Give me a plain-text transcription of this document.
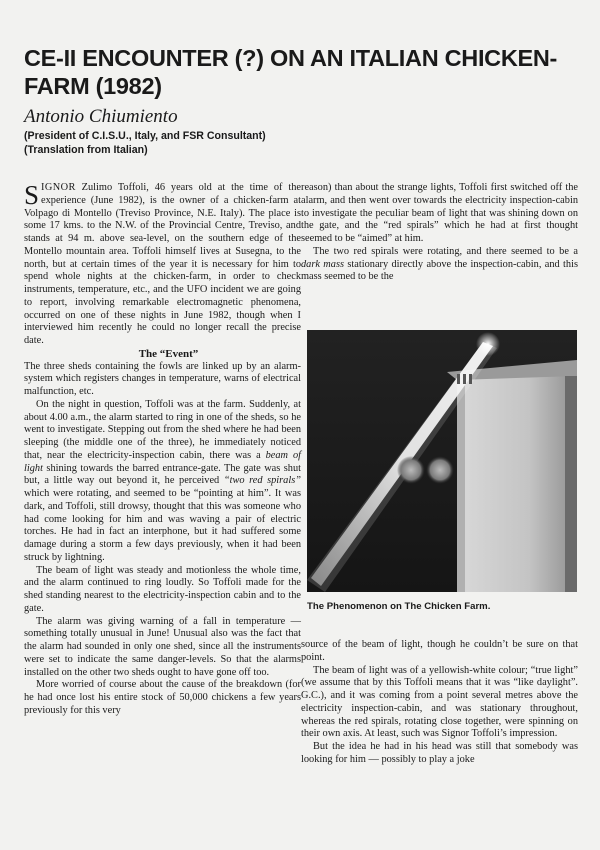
CE-II ENCOUNTER (?) ON AN ITALIAN CHICKEN-FARM (1982)
Antonio Chiumiento
(President of C.I.S.U., Italy, and FSR Consultant)
(Translation from Italian)

SIGNOR Zulimo Toffoli, 46 years old at the time of the experience (June 1982), is the owner of a chicken-farm at Volpago di Montello (Treviso Province, N.E. Italy). The place is some 17 kms. to the N.W. of the Provincial Centre, Treviso, and stands at 94 m. above sea-level, on the southern edge of the Montello mountain area. Toffoli himself lives at Susegna, to the north, but at certain times of the year it is necessary for him to spend whole nights at the chicken-farm, in order to check instruments, temperature, etc., and the UFO incident we are going to report, involving remarkable electromagnetic phenomena, occurred on one of these nights in June 1982, though when I interviewed him recently he could no longer recall the precise date.

The “Event”

The three sheds containing the fowls are linked up by an alarm-system which registers changes in temperature, warns of electrical malfunction, etc.

On the night in question, Toffoli was at the farm. Suddenly, at about 4.00 a.m., the alarm started to ring in one of the sheds, so he went to investigate. Stepping out from the shed where he had been sleeping (the middle one of the three), he immediately noticed that, near the electricity-inspection cabin, there was a beam of light shining towards the barred entrance-gate. The gate was shut but, a little way out beyond it, he perceived “two red spirals” which were rotating, and seemed to be “pointing at him”. It was dark, and Toffoli, still drowsy, thought that this was someone who had come looking for him and was waving a pair of electric torches. He had in fact an interphone, but it had suffered some damage during a storm a few days previously, when it had been struck by lightning.

The beam of light was steady and motionless the whole time, and the alarm continued to ring loudly. So Toffoli made for the shed standing nearest to the electricity-inspection cabin and to the gate.

The alarm was giving warning of a fall in temperature — something totally unusual in June! Unusual also was the fact that the alarm had sounded in only one shed, since all the instruments were set to indicate the same danger-levels. So that the alarms installed on the other two sheds ought to have gone off too.

More worried of course about the cause of the breakdown (for he had once lost his entire stock of 50,000 chickens a few years previously for this very

reason) than about the strange lights, Toffoli first switched off the alarm, and then went over towards the electricity inspection-cabin to investigate the peculiar beam of light that was shining down on the gate, and the “red spirals” which he had at first thought seemed to be “aimed” at him.

The two red spirals were rotating, and there seemed to be a dark mass stationary directly above the inspection-cabin, and this mass seemed to be the

The Phenomenon on The Chicken Farm.

source of the beam of light, though he couldn’t be sure on that point.

The beam of light was of a yellowish-white colour; “true light” (we assume that by this Toffoli means that it was “like daylight”. G.C.), and it was coming from a point several metres above the electricity inspection-cabin, and was stationary throughout, whereas the red spirals, rotating close together, were spinning on their own axis. At least, such was Signor Toffoli’s impression.

But the idea he had in his head was still that somebody was looking for him — possibly to play a joke
